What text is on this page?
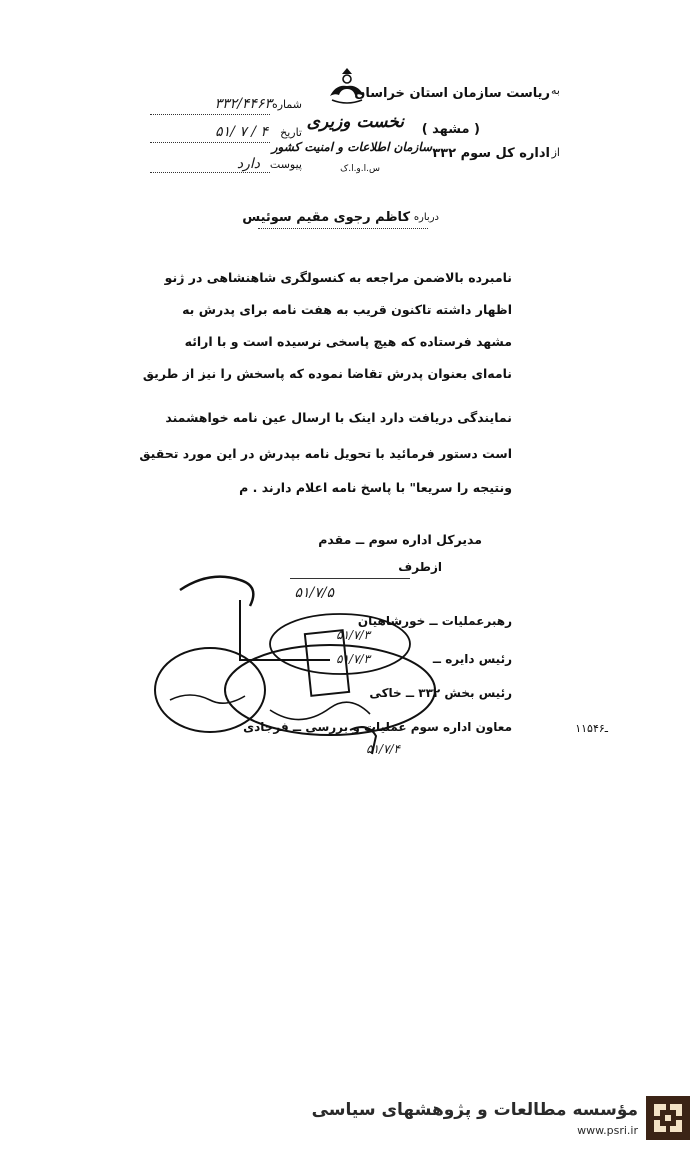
نخست وزیری
سازمان اطلاعات و امنیت کشور
س.ا.و.ا.ک
به
ریاست سازمان استان خراسان
( مشهد )
از
اداره کل سوم ۳۳۲
شماره
۳۳۲/۴۴۶۳
تاریخ
۵۱/ ۷ / ۴
پیوست
دارد
درباره
کاظم رجوی مقیم سوئیس
نامبرده بالاضمن مراجعه به کنسولگری شاهنشاهی در ژنو
اظهار داشته تاکنون قریب به هفت نامه برای پدرش به
مشهد فرستاده که هیچ پاسخی نرسیده است و با ارائه
نامه‌ای بعنوان پدرش تقاضا نموده که پاسخش را نیز از طریق
نمایندگی دریافت دارد اینک با ارسال عین نامه خواهشمند
است دستور فرمائید با تحویل نامه بپدرش در این مورد تحقیق
ونتیجه را سریعا" با پاسخ نامه اعلام دارند . م
مدیرکل اداره سوم ــ مقدم
ازطرف
۵۱/۷/۵
رهبرعملیات ــ خورشاهیان
۵۱/۷/۳
رئیس دایره ــ
۵۱/۷/۳
رئیس بخش ۳۳۲ ــ خاکی
معاون اداره سوم عملیات و بررسی ــ فرجادی
۵۱/۷/۴
۱۱۵ـ۴۶
مؤسسه مطالعات و پژوهشهای سیاسی
www.psri.ir
